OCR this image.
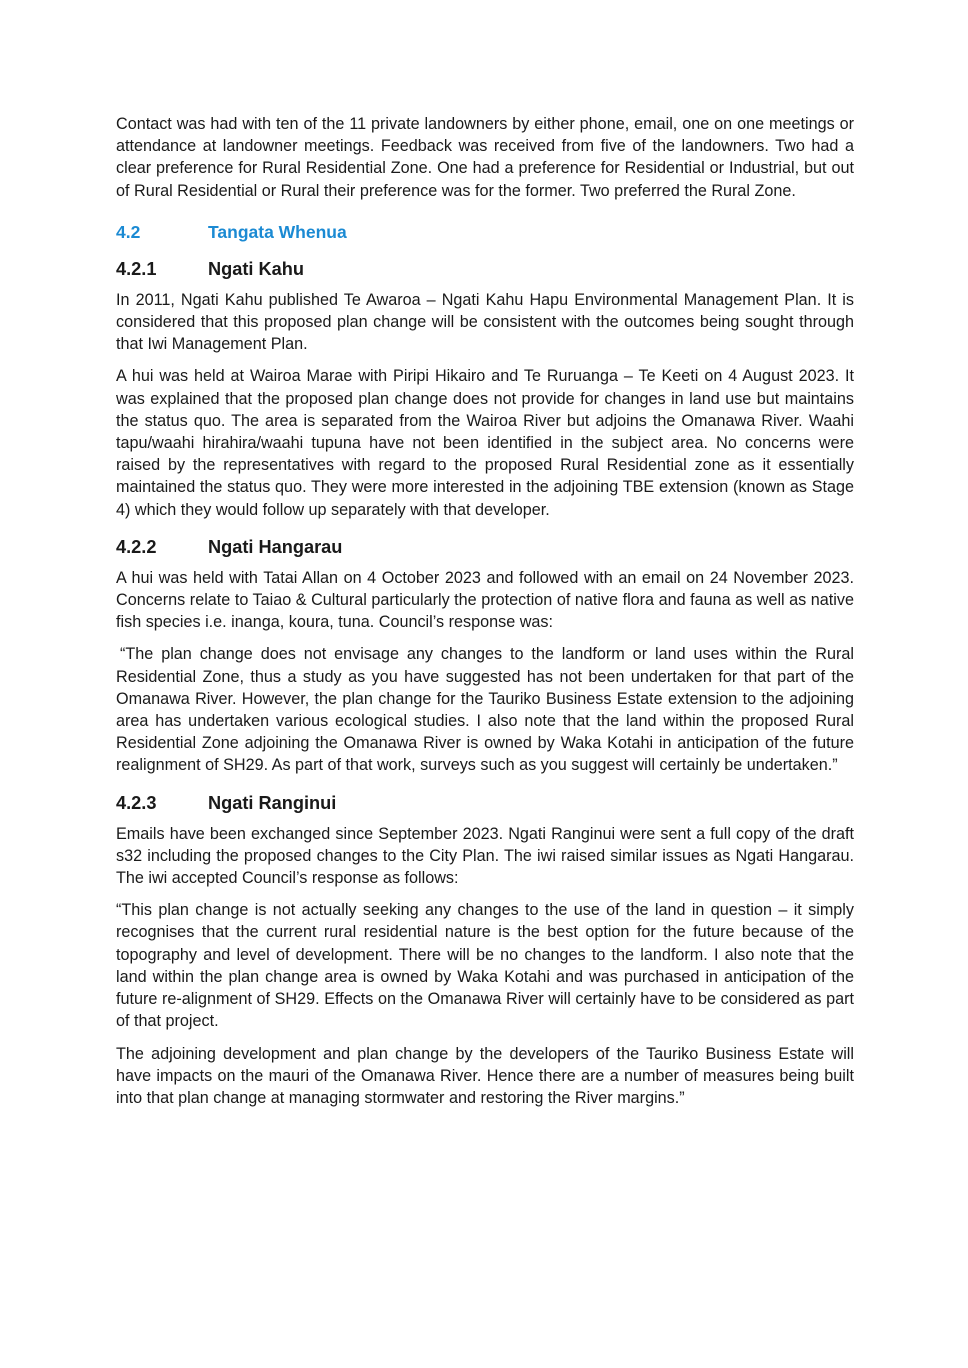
Contact was had with ten of the 11 private landowners by either phone, email, one on one meetings or attendance at landowner meetings. Feedback was received from five of the landowners. Two had a clear preference for Rural Residential Zone. One had a preference for Residential or Industrial, but out of Rural Residential or Rural their preference was for the former. Two preferred the Rural Zone.

4.2	Tangata Whenua
4.2.1	Ngati Kahu

In 2011, Ngati Kahu published Te Awaroa – Ngati Kahu Hapu Environmental Management Plan. It is considered that this proposed plan change will be consistent with the outcomes being sought through that Iwi Management Plan.

A hui was held at Wairoa Marae with Piripi Hikairo and Te Ruruanga – Te Keeti on 4 August 2023. It was explained that the proposed plan change does not provide for changes in land use but maintains the status quo. The area is separated from the Wairoa River but adjoins the Omanawa River. Waahi tapu/waahi hirahira/waahi tupuna have not been identified in the subject area. No concerns were raised by the representatives with regard to the proposed Rural Residential zone as it essentially maintained the status quo. They were more interested in the adjoining TBE extension (known as Stage 4) which they would follow up separately with that developer.

4.2.2	Ngati Hangarau

A hui was held with Tatai Allan on 4 October 2023 and followed with an email on 24 November 2023. Concerns relate to Taiao & Cultural particularly the protection of native flora and fauna as well as native fish species i.e. inanga, koura, tuna. Council’s response was:

“The plan change does not envisage any changes to the landform or land uses within the Rural Residential Zone, thus a study as you have suggested has not been undertaken for that part of the Omanawa River. However, the plan change for the Tauriko Business Estate extension to the adjoining area has undertaken various ecological studies. I also note that the land within the proposed Rural Residential Zone adjoining the Omanawa River is owned by Waka Kotahi in anticipation of the future realignment of SH29. As part of that work, surveys such as you suggest will certainly be undertaken.”

4.2.3	Ngati Ranginui

Emails have been exchanged since September 2023. Ngati Ranginui were sent a full copy of the draft s32 including the proposed changes to the City Plan. The iwi raised similar issues as Ngati Hangarau. The iwi accepted Council’s response as follows:

“This plan change is not actually seeking any changes to the use of the land in question – it simply recognises that the current rural residential nature is the best option for the future because of the topography and level of development. There will be no changes to the landform. I also note that the land within the plan change area is owned by Waka Kotahi and was purchased in anticipation of the future re-alignment of SH29. Effects on the Omanawa River will certainly have to be considered as part of that project.

The adjoining development and plan change by the developers of the Tauriko Business Estate will have impacts on the mauri of the Omanawa River. Hence there are a number of measures being built into that plan change at managing stormwater and restoring the River margins.”
